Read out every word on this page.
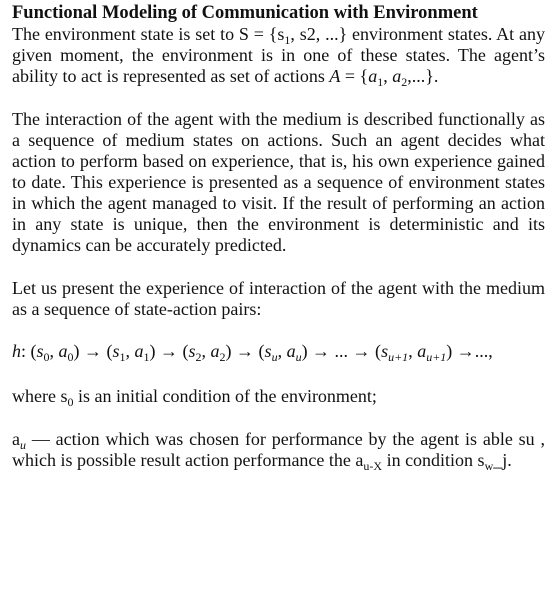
Functional Modeling of Communication with Environment

The environment state is set to $S = \{s_1$, s2, ...} environment states. At any given moment, the environment is in one of these states. The agent’s ability to act is represented as set of actions $A = \{a_1$, $a_2$,...}.

The interaction of the agent with the medium is described functionally as a sequence of medium states on actions. Such an agent decides what action to perform based on experience, that is, his own experience gained to date. This experience is presented as a sequence of environment states in which the agent managed to visit. If the result of performing an action in any state is unique, then the environment is deterministic and its dynamics can be accurately predicted.

Let us present the experience of interaction of the agent with the medium as a sequence of state-action pairs:

h: ($s_0$, $a_0) \to (s_1$, $a_1) \to (s_2$, $a_2) \to (s_u$, $a_u$) → ... → ($s_{u+1}$, $a_{u+1}$) →...,

where $s_0$ is an initial condition of the environment;

$a_u$ — action which was chosen for performance by the agent is able su , which is possible result action performance the $a_{u-X}$ in condition $s_w\_j$.
